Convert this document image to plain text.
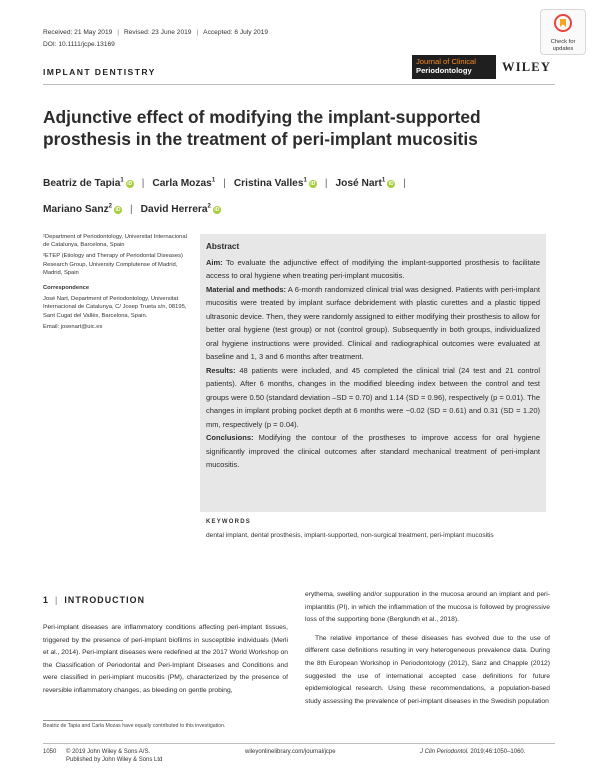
Received: 21 May 2019 | Revised: 23 June 2019 | Accepted: 6 July 2019
DOI: 10.1111/jcpe.13169	Check for updates
IMPLANT DENTISTRY
Journal of Clinical
Periodontology	WILEY
Adjunctive effect of modifying the implant-supported prosthesis in the treatment of peri-implant mucositis
Beatriz de Tapia$^1$iD | Carla Mozas$^1$ | Cristina Valles$^1$iD | José Nart$^1$iD |
Mariano Sanz$^2$iD | David Herrera$^2$iD

¹Department of Periodontology, Universitat Internacional de Catalunya, Barcelona, Spain

²ETEP (Etiology and Therapy of Periodontal Diseases) Research Group, University Complutense of Madrid, Madrid, Spain

Correspondence

José Nart, Department of Periodontology, Universitat Internacional de Catalunya, C/ Josep Trueta s/n, 08195, Sant Cugat del Vallès, Barcelona, Spain.

Email: josenart@uic.es

Abstract

Aim: To evaluate the adjunctive effect of modifying the implant-supported prosthesis to facilitate access to oral hygiene when treating peri-implant mucositis.

Material and methods: A 6-month randomized clinical trial was designed. Patients with peri-implant mucositis were treated by implant surface debridement with plastic curettes and a plastic tipped ultrasonic device. Then, they were randomly assigned to either modifying their prosthesis to allow for better oral hygiene (test group) or not (control group). Subsequently in both groups, individualized oral hygiene instructions were provided. Clinical and radiographical outcomes were evaluated at baseline and 1, 3 and 6 months after treatment.

Results: 48 patients were included, and 45 completed the clinical trial (24 test and 21 control patients). After 6 months, changes in the modified bleeding index between the control and test groups were 0.50 (standard deviation –SD = 0.70) and 1.14 (SD = 0.96), respectively (p = 0.01). The changes in implant probing pocket depth at 6 months were −0.02 (SD = 0.61) and 0.31 (SD = 1.20) mm, respectively (p = 0.04).

Conclusions: Modifying the contour of the prostheses to improve access for oral hygiene significantly improved the clinical outcomes after standard mechanical treatment of peri-implant mucositis.

KEYWORDS
dental implant, dental prosthesis, implant-supported, non-surgical treatment, peri-implant mucositis
1 | INTRODUCTION

Peri-implant diseases are inflammatory conditions affecting peri-implant tissues, triggered by the presence of peri-implant biofilms in susceptible individuals (Merli et al., 2014). Peri-implant diseases were redefined at the 2017 World Workshop on the Classification of Periodontal and Peri-Implant Diseases and Conditions and were classified in peri-implant mucositis (PM), characterized by the presence of reversible inflammatory changes, as bleeding on gentle probing,

Beatriz de Tapia and Carla Mozas have equally contributed to this investigation.

erythema, swelling and/or suppuration in the mucosa around an implant and peri-implantitis (PI), in which the inflammation of the mucosa is followed by progressive loss of the supporting bone (Berglundh et al., 2018).

The relative importance of these diseases has evolved due to the use of different case definitions resulting in very heterogeneous prevalence data. During the 8th European Workshop in Periodontology (2012), Sanz and Chapple (2012) suggested the use of international accepted case definitions for future epidemiological research. Using these recommendations, a population-based study assessing the prevalence of peri-implant diseases in the Swedish population

1050 © 2019 John Wiley & Sons A/S.
Published by John Wiley & Sons Ltd
wileyonlinelibrary.com/journal/jcpe	J Clin Periodontol. 2019;46:1050–1060.
